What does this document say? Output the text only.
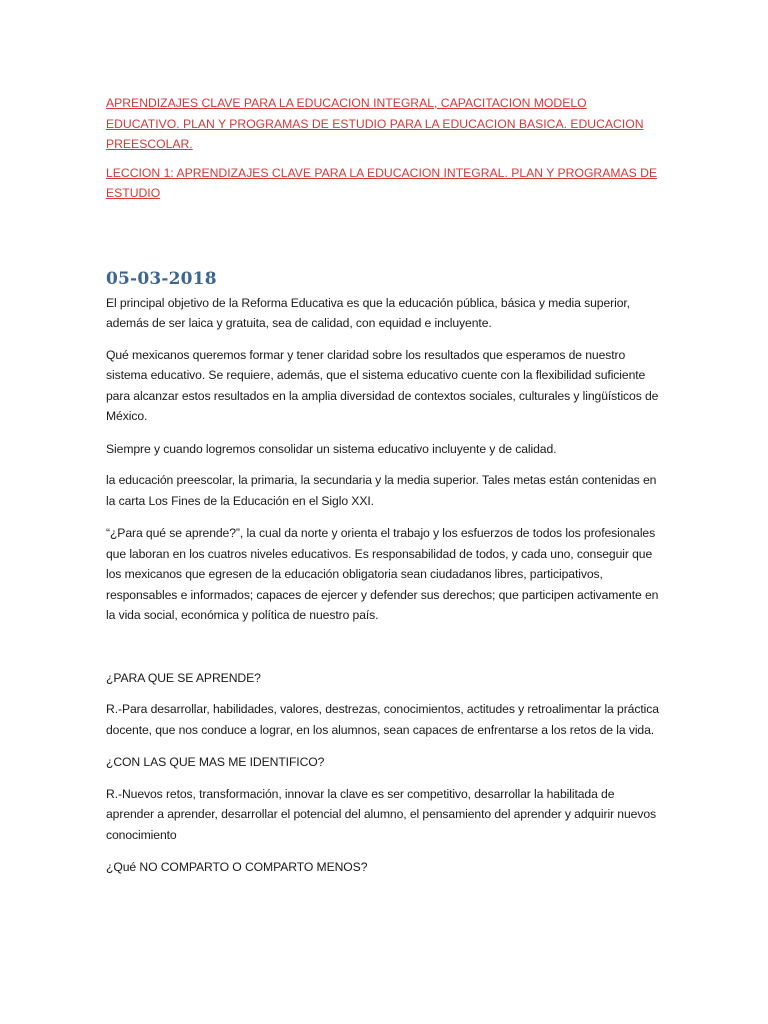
APRENDIZAJES CLAVE PARA LA EDUCACION INTEGRAL, CAPACITACION MODELO EDUCATIVO. PLAN Y PROGRAMAS DE ESTUDIO PARA LA EDUCACION BASICA. EDUCACION PREESCOLAR.

LECCION 1: APRENDIZAJES CLAVE PARA LA EDUCACION INTEGRAL. PLAN Y PROGRAMAS DE ESTUDIO

05-03-2018

El principal objetivo de la Reforma Educativa es que la educación pública, básica y media superior, además de ser laica y gratuita, sea de calidad, con equidad e incluyente.

Qué mexicanos queremos formar y tener claridad sobre los resultados que esperamos de nuestro sistema educativo. Se requiere, además, que el sistema educativo cuente con la flexibilidad suficiente para alcanzar estos resultados en la amplia diversidad de contextos sociales, culturales y lingüísticos de México.

Siempre y cuando logremos consolidar un sistema educativo incluyente y de calidad.

la educación preescolar, la primaria, la secundaria y la media superior. Tales metas están contenidas en la carta Los Fines de la Educación en el Siglo XXI.

“¿Para qué se aprende?”, la cual da norte y orienta el trabajo y los esfuerzos de todos los profesionales que laboran en los cuatros niveles educativos. Es responsabilidad de todos, y cada uno, conseguir que los mexicanos que egresen de la educación obligatoria sean ciudadanos libres, participativos, responsables e informados; capaces de ejercer y defender sus derechos; que participen activamente en la vida social, económica y política de nuestro país.

¿PARA QUE SE APRENDE?

R.-Para desarrollar, habilidades, valores, destrezas, conocimientos, actitudes y retroalimentar la práctica docente, que nos conduce a lograr, en los alumnos, sean capaces de enfrentarse a los retos de la vida.

¿CON LAS QUE MAS ME IDENTIFICO?

R.-Nuevos retos, transformación, innovar la clave es ser competitivo, desarrollar la habilitada de aprender a aprender, desarrollar el potencial del alumno, el pensamiento del aprender y adquirir nuevos conocimiento

¿Qué NO COMPARTO O COMPARTO MENOS?
